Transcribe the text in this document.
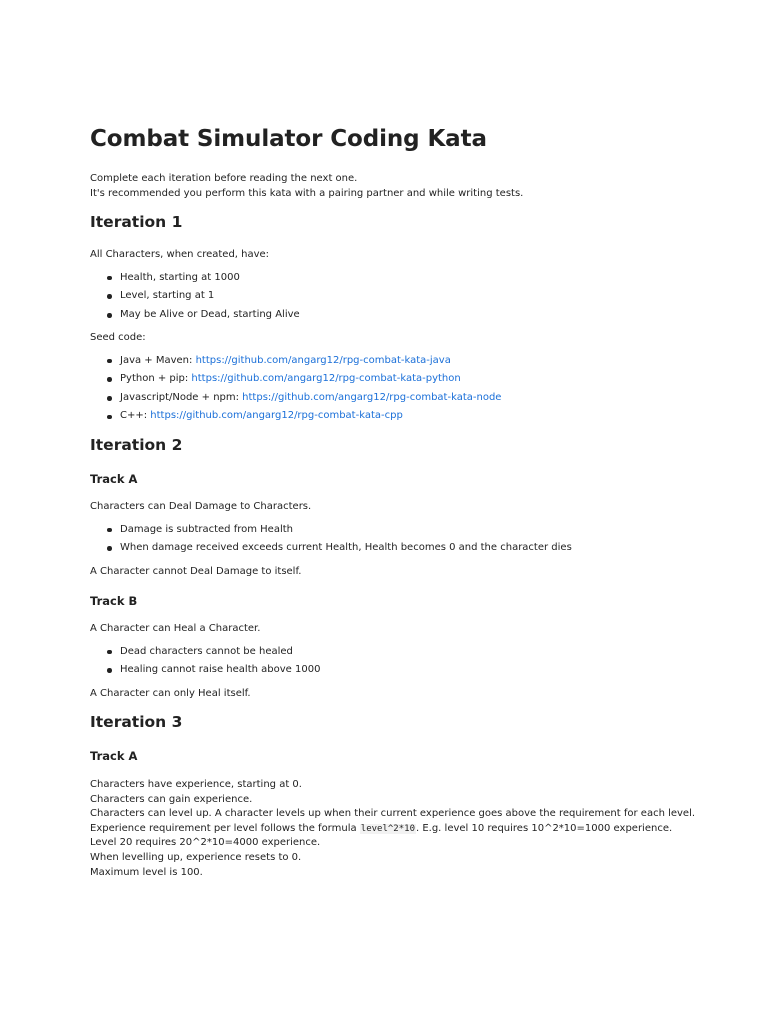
Combat Simulator Coding Kata
Complete each iteration before reading the next one.
It's recommended you perform this kata with a pairing partner and while writing tests.
Iteration 1

All Characters, when created, have:

Health, starting at 1000
Level, starting at 1
May be Alive or Dead, starting Alive

Seed code:

Java + Maven: https://github.com/angarg12/rpg-combat-kata-java
Python + pip: https://github.com/angarg12/rpg-combat-kata-python
Javascript/Node + npm: https://github.com/angarg12/rpg-combat-kata-node
C++: https://github.com/angarg12/rpg-combat-kata-cpp
Iteration 2
Track A

Characters can Deal Damage to Characters.

Damage is subtracted from Health
When damage received exceeds current Health, Health becomes 0 and the character dies

A Character cannot Deal Damage to itself.

Track B

A Character can Heal a Character.

Dead characters cannot be healed
Healing cannot raise health above 1000

A Character can only Heal itself.

Iteration 3
Track A
Characters have experience, starting at 0.
Characters can gain experience.
Characters can level up. A character levels up when their current experience goes above the requirement for each level.
Experience requirement per level follows the formula level^2*10. E.g. level 10 requires 10^2*10=1000 experience.
Level 20 requires 20^2*10=4000 experience.
When levelling up, experience resets to 0.
Maximum level is 100.
